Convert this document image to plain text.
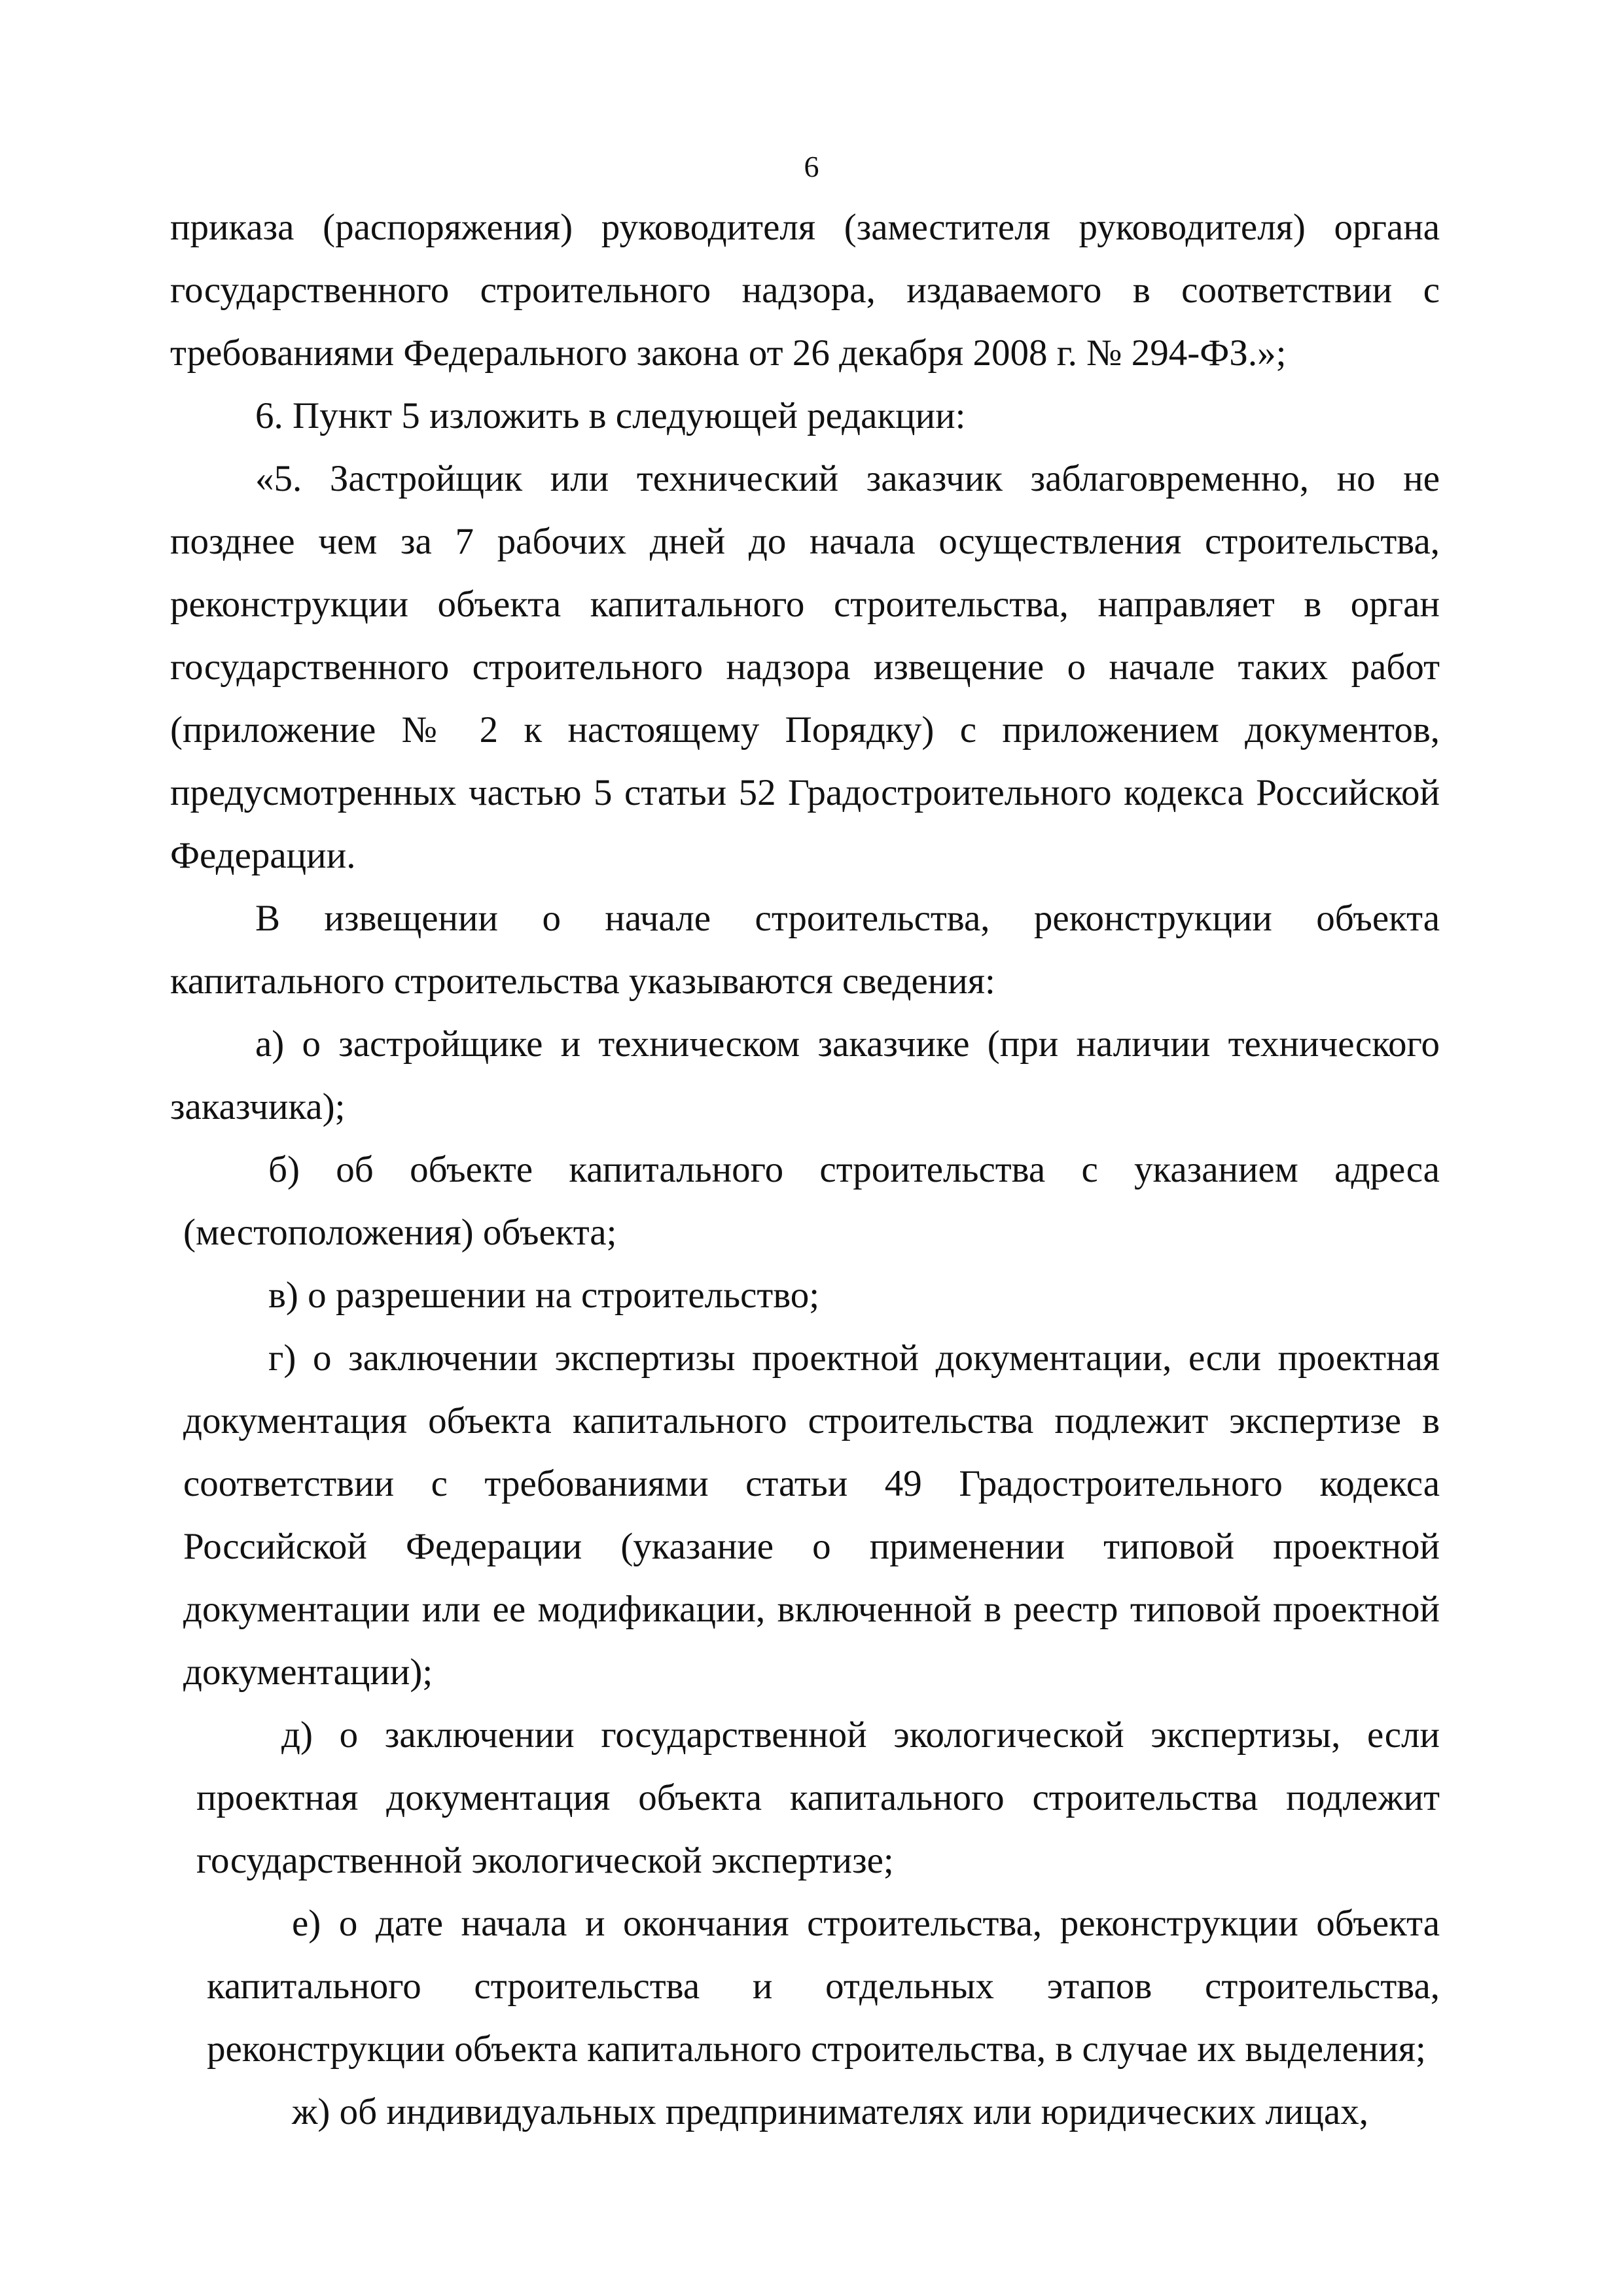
6

приказа (распоряжения) руководителя (заместителя руководителя) органа государственного строительного надзора, издаваемого в соответствии с требованиями Федерального закона от 26 декабря 2008 г. № 294-ФЗ.»;

6. Пункт 5 изложить в следующей редакции:

«5. Застройщик или технический заказчик заблаговременно, но не позднее чем за 7 рабочих дней до начала осуществления строительства, реконструкции объекта капитального строительства, направляет в орган государственного строительного надзора извещение о начале таких работ (приложение № 2 к настоящему Порядку) с приложением документов, предусмотренных частью 5 статьи 52 Градостроительного кодекса Российской Федерации.

В извещении о начале строительства, реконструкции объекта капитального строительства указываются сведения:

а) о застройщике и техническом заказчике (при наличии технического заказчика);

б) об объекте капитального строительства с указанием адреса (местоположения) объекта;

в) о разрешении на строительство;

г) о заключении экспертизы проектной документации, если проектная документация объекта капитального строительства подлежит экспертизе в соответствии с требованиями статьи 49 Градостроительного кодекса Российской Федерации (указание о применении типовой проектной документации или ее модификации, включенной в реестр типовой проектной документации);

д) о заключении государственной экологической экспертизы, если проектная документация объекта капитального строительства подлежит государственной экологической экспертизе;

е) о дате начала и окончания строительства, реконструкции объекта капитального строительства и отдельных этапов строительства, реконструкции объекта капитального строительства, в случае их выделения;

ж) об индивидуальных предпринимателях или юридических лицах,
